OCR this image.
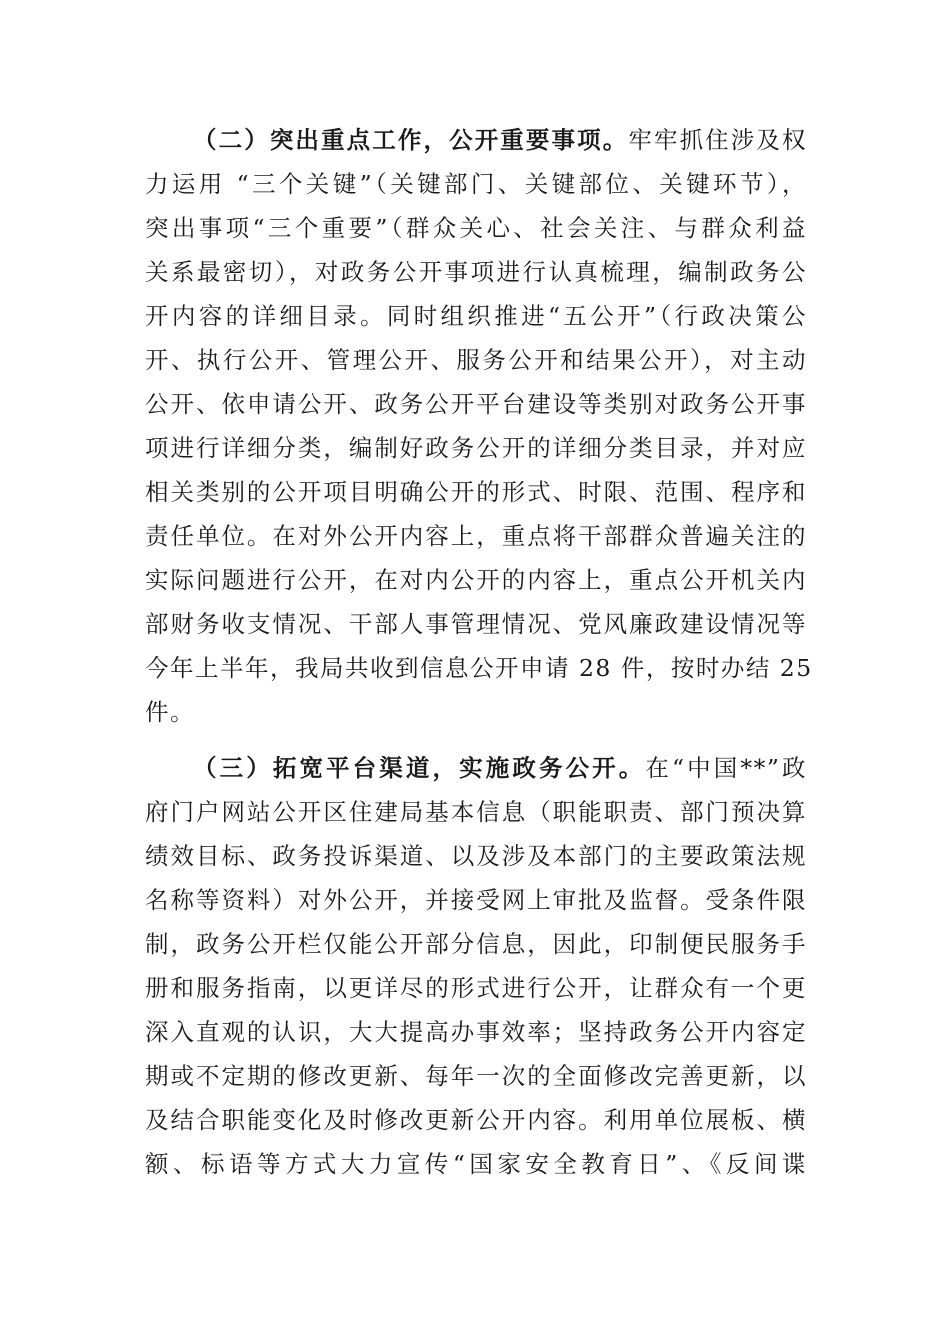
（二）突出重点工作，公开重要事项。牢牢抓住涉及权
力运用 “三个关键”（关键部门、关键部位、关键环节），
突出事项“三个重要”（群众关心、社会关注、与群众利益
关系最密切），对政务公开事项进行认真梳理，编制政务公
开内容的详细目录。同时组织推进“五公开”（行政决策公
开、执行公开、管理公开、服务公开和结果公开），对主动
公开、依申请公开、政务公开平台建设等类别对政务公开事
项进行详细分类，编制好政务公开的详细分类目录，并对应
相关类别的公开项目明确公开的形式、时限、范围、程序和
责任单位。在对外公开内容上，重点将干部群众普遍关注的
实际问题进行公开，在对内公开的内容上，重点公开机关内
部财务收支情况、干部人事管理情况、党风廉政建设情况等
今年上半年，我局共收到信息公开申请 28 件，按时办结 25
件。
（三）拓宽平台渠道，实施政务公开。在“中国**”政
府门户网站公开区住建局基本信息（职能职责、部门预决算
绩效目标、政务投诉渠道、以及涉及本部门的主要政策法规
名称等资料）对外公开，并接受网上审批及监督。受条件限
制，政务公开栏仅能公开部分信息，因此，印制便民服务手
册和服务指南，以更详尽的形式进行公开，让群众有一个更
深入直观的认识，大大提高办事效率；坚持政务公开内容定
期或不定期的修改更新、每年一次的全面修改完善更新，以
及结合职能变化及时修改更新公开内容。利用单位展板、横
额、标语等方式大力宣传“国家安全教育日”、《反间谍
